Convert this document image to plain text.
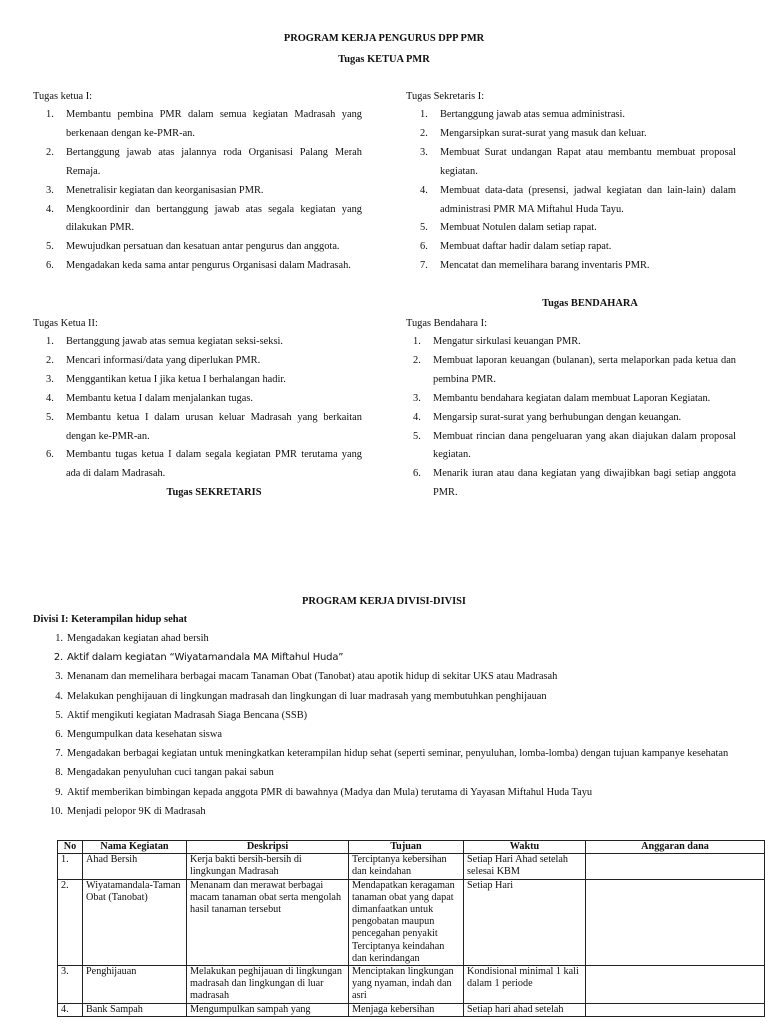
PROGRAM KERJA PENGURUS DPP PMR
Tugas KETUA PMR
Tugas ketua I:
1. Membantu pembina PMR dalam semua kegiatan Madrasah yang berkenaan dengan ke-PMR-an.
2. Bertanggung jawab atas jalannya roda Organisasi Palang Merah Remaja.
3. Menetralisir kegiatan dan keorganisasian PMR.
4. Mengkoordinir dan bertanggung jawab atas segala kegiatan yang dilakukan PMR.
5. Mewujudkan persatuan dan kesatuan antar pengurus dan anggota.
6. Mengadakan keda sama antar pengurus Organisasi dalam Madrasah.
Tugas Ketua II:
1. Bertanggung jawab atas semua kegiatan seksi-seksi.
2. Mencari informasi/data yang diperlukan PMR.
3. Menggantikan ketua I jika ketua I berhalangan hadir.
4. Membantu ketua I dalam menjalankan tugas.
5. Membantu ketua I dalam urusan keluar Madrasah yang berkaitan dengan ke-PMR-an.
6. Membantu tugas ketua I dalam segala kegiatan PMR terutama yang ada di dalam Madrasah.
Tugas SEKRETARIS
Tugas Sekretaris I:
1. Bertanggung jawab atas semua administrasi.
2. Mengarsipkan surat-surat yang masuk dan keluar.
3. Membuat Surat undangan Rapat atau membantu membuat proposal kegiatan.
4. Membuat data-data (presensi, jadwal kegiatan dan lain-lain) dalam administrasi PMR MA Miftahul Huda Tayu.
5. Membuat Notulen dalam setiap rapat.
6. Membuat daftar hadir dalam setiap rapat.
7. Mencatat dan memelihara barang inventaris PMR.
Tugas BENDAHARA
Tugas Bendahara I:
1. Mengatur sirkulasi keuangan PMR.
2. Membuat laporan keuangan (bulanan), serta melaporkan pada ketua dan pembina PMR.
3. Membantu bendahara kegiatan dalam membuat Laporan Kegiatan.
4. Mengarsip surat-surat yang berhubungan dengan keuangan.
5. Membuat rincian dana pengeluaran yang akan diajukan dalam proposal kegiatan.
6. Menarik iuran atau dana kegiatan yang diwajibkan bagi setiap anggota PMR.
PROGRAM KERJA DIVISI-DIVISI
Divisi I: Keterampilan hidup sehat
1. Mengadakan kegiatan ahad bersih
2. Aktif dalam kegiatan “Wiyatamandala MA Miftahul Huda”
3. Menanam dan memelihara berbagai macam Tanaman Obat (Tanobat) atau apotik hidup di sekitar UKS atau Madrasah
4. Melakukan penghijauan di lingkungan madrasah dan lingkungan di luar madrasah yang membutuhkan penghijauan
5. Aktif mengikuti kegiatan Madrasah Siaga Bencana (SSB)
6. Mengumpulkan data kesehatan siswa
7. Mengadakan berbagai kegiatan untuk meningkatkan keterampilan hidup sehat (seperti seminar, penyuluhan, lomba-lomba) dengan tujuan kampanye kesehatan
8. Mengadakan penyuluhan cuci tangan pakai sabun
9. Aktif memberikan bimbingan kepada anggota PMR di bawahnya (Madya dan Mula) terutama di Yayasan Miftahul Huda Tayu
10. Menjadi pelopor 9K di Madrasah
No	Nama Kegiatan	Deskripsi	Tujuan	Waktu	Anggaran dana
1.	Ahad Bersih	Kerja bakti bersih-bersih di lingkungan Madrasah	Terciptanya kebersihan dan keindahan	Setiap Hari Ahad setelah selesai KBM	
2.	Wiyatamandala-Taman Obat (Tanobat)	Menanam dan merawat berbagai macam tanaman obat serta mengolah hasil tanaman tersebut	Mendapatkan keragaman tanaman obat yang dapat dimanfaatkan untuk pengobatan maupun pencegahan penyakit Terciptanya keindahan dan kerindangan	Setiap Hari	
3.	Penghijauan	Melakukan peghijauan di lingkungan madrasah dan lingkungan di luar madrasah	Menciptakan lingkungan yang nyaman, indah dan asri	Kondisional minimal 1 kali dalam 1 periode	
4.	Bank Sampah	Mengumpulkan sampah yang	Menjaga kebersihan	Setiap hari ahad setelah	
